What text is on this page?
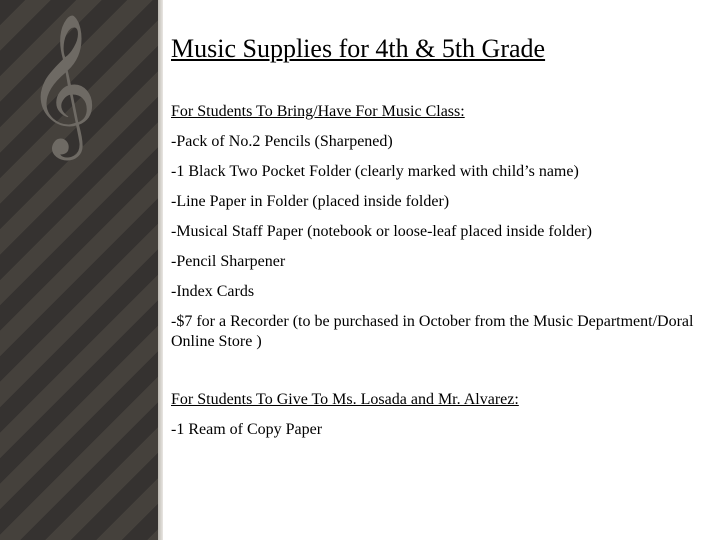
𝄞	Music Supplies for 4th & 5th Grade

For Students To Bring/Have For Music Class:

-Pack of No.2 Pencils (Sharpened)

-1 Black Two Pocket Folder (clearly marked with child’s name)

-Line Paper in Folder (placed inside folder)

-Musical Staff Paper (notebook or loose-leaf placed inside folder)

-Pencil Sharpener

-Index Cards

-$7 for a Recorder (to be purchased in October from the Music Department/Doral Online Store )

For Students To Give To Ms. Losada and Mr. Alvarez:

-1 Ream of Copy Paper
